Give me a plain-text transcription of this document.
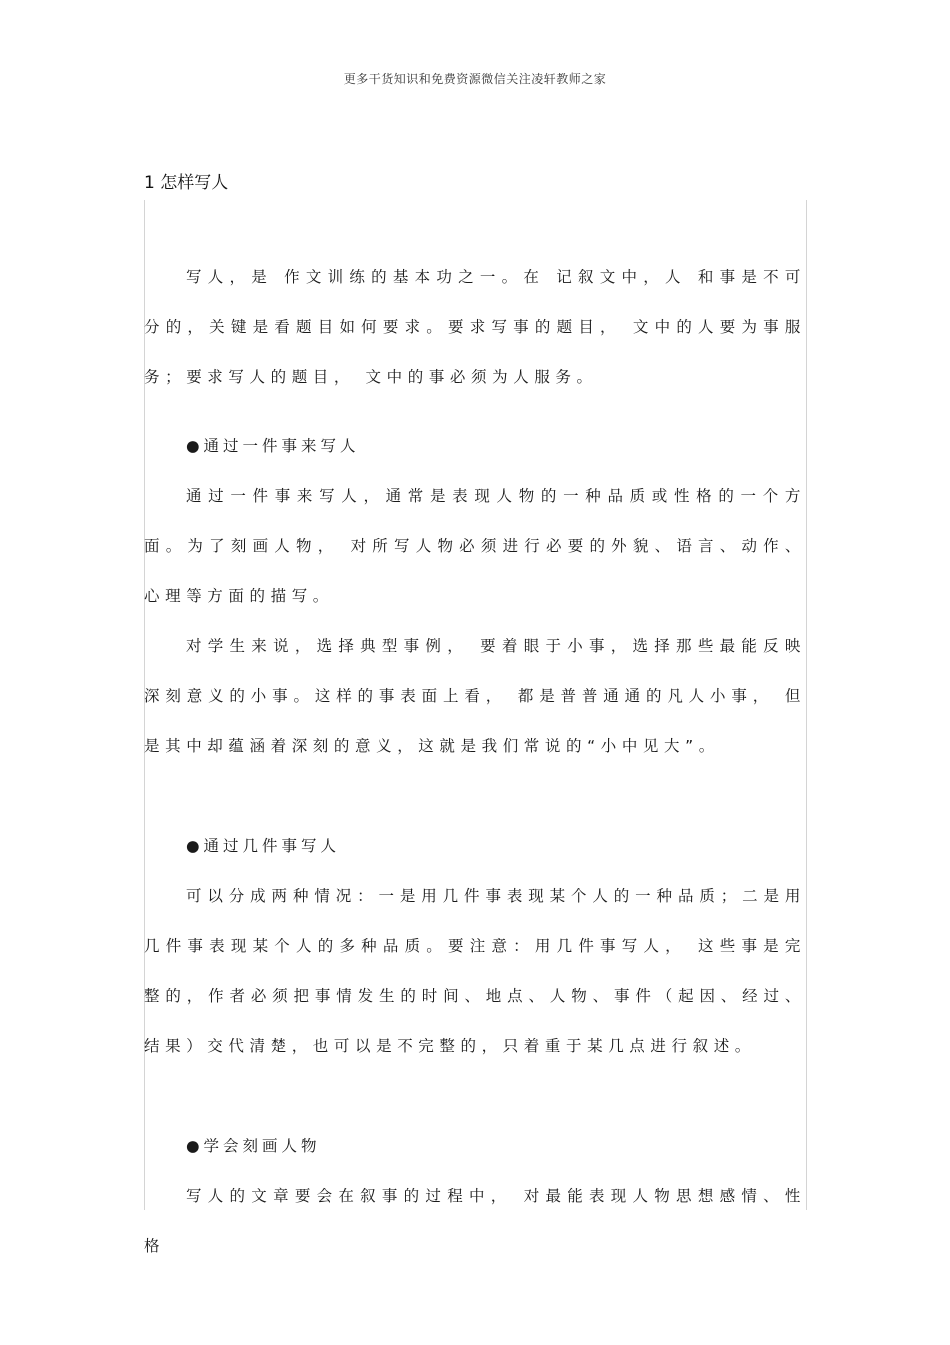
更多干货知识和免费资源微信关注凌轩教师之家
1 怎样写人

写人，是 作文训练的基本功之一。在 记叙文中，人 和事是不可分的，关键是看题目如何要求。要求写事的题目， 文中的人要为事服务；要求写人的题目， 文中的事必须为人服务。

●通过一件事来写人

通过一件事来写人，通常是表现人物的一种品质或性格的一个方面。为了刻画人物， 对所写人物必须进行必要的外貌、语言、动作、心理等方面的描写。

对学生来说，选择典型事例， 要着眼于小事，选择那些最能反映深刻意义的小事。这样的事表面上看， 都是普普通通的凡人小事， 但是其中却蕴涵着深刻的意义，这就是我们常说的“小中见大”。

●通过几件事写人

可以分成两种情况：一是用几件事表现某个人的一种品质；二是用几件事表现某个人的多种品质。要注意：用几件事写人， 这些事是完整的，作者必须把事情发生的时间、地点、人物、事件（起因、经过、结果）交代清楚，也可以是不完整的，只着重于某几点进行叙述。

●学会刻画人物

写人的文章要会在叙事的过程中， 对最能表现人物思想感情、性格
